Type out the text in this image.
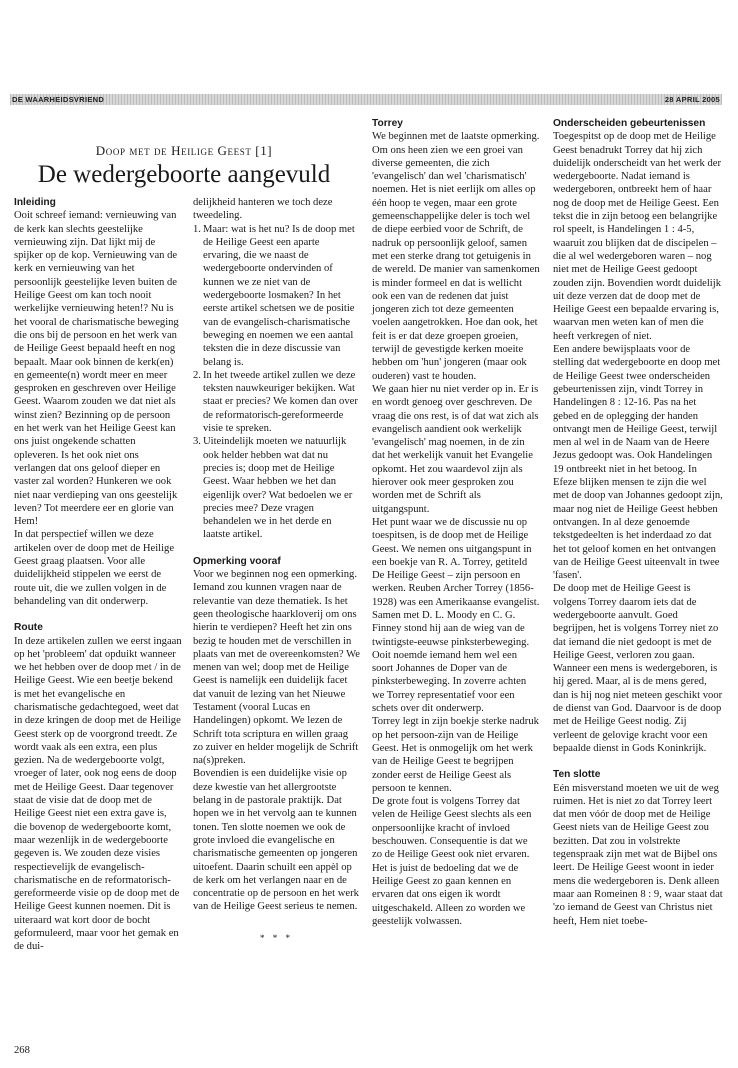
DE WAARHEIDSVRIEND	28 APRIL 2005
Doop met de Heilige Geest [1]
De wedergeboorte aangevuld
Inleiding

Ooit schreef iemand: vernieuwing van de kerk kan slechts geestelijke vernieuwing zijn. Dat lijkt mij de spijker op de kop. Vernieuwing van de kerk en vernieuwing van het persoonlijk geestelijke leven buiten de Heilige Geest om kan toch nooit werkelijke vernieuwing heten!? Nu is het vooral de charismatische beweging die ons bij de persoon en het werk van de Heilige Geest bepaald heeft en nog bepaalt. Maar ook binnen de kerk(en) en gemeente(n) wordt meer en meer gesproken en geschreven over Heilige Geest. Waarom zouden we dat niet als winst zien? Bezinning op de persoon en het werk van het Heilige Geest kan ons juist ongekende schatten opleveren. Is het ook niet ons verlangen dat ons geloof dieper en vaster zal worden? Hunkeren we ook niet naar verdieping van ons geestelijk leven? Tot meerdere eer en glorie van Hem!

In dat perspectief willen we deze artikelen over de doop met de Heilige Geest graag plaatsen. Voor alle duidelijkheid stippelen we eerst de route uit, die we zullen volgen in de behandeling van dit onderwerp.

Route

In deze artikelen zullen we eerst ingaan op het 'probleem' dat opduikt wanneer we het hebben over de doop met / in de Heilige Geest. Wie een beetje bekend is met het evangelische en charismatische gedachtegoed, weet dat in deze kringen de doop met de Heilige Geest sterk op de voorgrond treedt. Ze wordt vaak als een extra, een plus gezien. Na de wedergeboorte volgt, vroeger of later, ook nog eens de doop met de Heilige Geest. Daar tegenover staat de visie dat de doop met de Heilige Geest niet een extra gave is, die bovenop de wedergeboorte komt, maar wezenlijk in de wedergeboorte gegeven is. We zouden deze visies respectievelijk de evangelisch-charismatische en de reformatorisch-gereformeerde visie op de doop met de Heilige Geest kunnen noemen. Dit is uiteraard wat kort door de bocht geformuleerd, maar voor het gemak en de dui-

delijkheid hanteren we toch deze tweedeling.

1. Maar: wat is het nu? Is de doop met de Heilige Geest een aparte ervaring, die we naast de wedergeboorte ondervinden of kunnen we ze niet van de wedergeboorte losmaken? In het eerste artikel schetsen we de positie van de evangelisch-charismatische beweging en noemen we een aantal teksten die in deze discussie van belang is.
2. In het tweede artikel zullen we deze teksten nauwkeuriger bekijken. Wat staat er precies? We komen dan over de reformatorisch-gereformeerde visie te spreken.
3. Uiteindelijk moeten we natuurlijk ook helder hebben wat dat nu precies is; doop met de Heilige Geest. Waar hebben we het dan eigenlijk over? Wat bedoelen we er precies mee? Deze vragen behandelen we in het derde en laatste artikel.
Opmerking vooraf

Voor we beginnen nog een opmerking. Iemand zou kunnen vragen naar de relevantie van deze thematiek. Is het geen theologische haarkloverij om ons hierin te verdiepen? Heeft het zin ons bezig te houden met de verschillen in plaats van met de overeenkomsten? We menen van wel; doop met de Heilige Geest is namelijk een duidelijk facet dat vanuit de lezing van het Nieuwe Testament (vooral Lucas en Handelingen) opkomt. We lezen de Schrift tota scriptura en willen graag zo zuiver en helder mogelijk de Schrift na(s)preken.

Bovendien is een duidelijke visie op deze kwestie van het allergrootste belang in de pastorale praktijk. Dat hopen we in het vervolg aan te kunnen tonen. Ten slotte noemen we ook de grote invloed die evangelische en charismatische gemeenten op jongeren uitoefent. Daarin schuilt een appèl op de kerk om het verlangen naar en de concentratie op de persoon en het werk van de Heilige Geest serieus te nemen.

* * *
Torrey

We beginnen met de laatste opmerking. Om ons heen zien we een groei van diverse gemeenten, die zich 'evangelisch' dan wel 'charismatisch' noemen. Het is niet eerlijk om alles op één hoop te vegen, maar een grote gemeenschappelijke deler is toch wel de diepe eerbied voor de Schrift, de nadruk op persoonlijk geloof, samen met een sterke drang tot getuigenis in de wereld. De manier van samenkomen is minder formeel en dat is wellicht ook een van de redenen dat juist jongeren zich tot deze gemeenten voelen aangetrokken. Hoe dan ook, het feit is er dat deze groepen groeien, terwijl de gevestigde kerken moeite hebben om 'hun' jongeren (maar ook ouderen) vast te houden.

We gaan hier nu niet verder op in. Er is en wordt genoeg over geschreven. De vraag die ons rest, is of dat wat zich als evangelisch aandient ook werkelijk 'evangelisch' mag noemen, in de zin dat het werkelijk vanuit het Evangelie opkomt. Het zou waardevol zijn als hierover ook meer gesproken zou worden met de Schrift als uitgangspunt.

Het punt waar we de discussie nu op toespitsen, is de doop met de Heilige Geest. We nemen ons uitgangspunt in een boekje van R. A. Torrey, getiteld De Heilige Geest – zijn persoon en werken. Reuben Archer Torrey (1856-1928) was een Amerikaanse evangelist. Samen met D. L. Moody en C. G. Finney stond hij aan de wieg van de twintigste-eeuwse pinksterbeweging. Ooit noemde iemand hem wel een soort Johannes de Doper van de pinksterbeweging. In zoverre achten we Torrey representatief voor een schets over dit onderwerp.

Torrey legt in zijn boekje sterke nadruk op het persoon-zijn van de Heilige Geest. Het is onmogelijk om het werk van de Heilige Geest te begrijpen zonder eerst de Heilige Geest als persoon te kennen.

De grote fout is volgens Torrey dat velen de Heilige Geest slechts als een onpersoonlijke kracht of invloed beschouwen. Consequentie is dat we zo de Heilige Geest ook niet ervaren. Het is juist de bedoeling dat we de Heilige Geest zo gaan kennen en ervaren dat ons eigen ik wordt uitgeschakeld. Alleen zo worden we geestelijk volwassen.

Onderscheiden gebeurtenissen

Toegespitst op de doop met de Heilige Geest benadrukt Torrey dat hij zich duidelijk onderscheidt van het werk der wedergeboorte. Nadat iemand is wedergeboren, ontbreekt hem of haar nog de doop met de Heilige Geest. Een tekst die in zijn betoog een belangrijke rol speelt, is Handelingen 1 : 4-5, waaruit zou blijken dat de discipelen – die al wel wedergeboren waren – nog niet met de Heilige Geest gedoopt zouden zijn. Bovendien wordt duidelijk uit deze verzen dat de doop met de Heilige Geest een bepaalde ervaring is, waarvan men weten kan of men die heeft verkregen of niet.

Een andere bewijsplaats voor de stelling dat wedergeboorte en doop met de Heilige Geest twee onderscheiden gebeurtenissen zijn, vindt Torrey in Handelingen 8 : 12-16. Pas na het gebed en de oplegging der handen ontvangt men de Heilige Geest, terwijl men al wel in de Naam van de Heere Jezus gedoopt was. Ook Handelingen 19 ontbreekt niet in het betoog. In Efeze blijken mensen te zijn die wel met de doop van Johannes gedoopt zijn, maar nog niet de Heilige Geest hebben ontvangen. In al deze genoemde tekstgedeelten is het inderdaad zo dat het tot geloof komen en het ontvangen van de Heilige Geest uiteenvalt in twee 'fasen'.

De doop met de Heilige Geest is volgens Torrey daarom iets dat de wedergeboorte aanvult. Goed begrijpen, het is volgens Torrey niet zo dat iemand die niet gedoopt is met de Heilige Geest, verloren zou gaan. Wanneer een mens is wedergeboren, is hij gered. Maar, al is de mens gered, dan is hij nog niet meteen geschikt voor de dienst van God. Daarvoor is de doop met de Heilige Geest nodig. Zij verleent de gelovige kracht voor een bepaalde dienst in Gods Koninkrijk.

Ten slotte

Eén misverstand moeten we uit de weg ruimen. Het is niet zo dat Torrey leert dat men vóór de doop met de Heilige Geest niets van de Heilige Geest zou bezitten. Dat zou in volstrekte tegenspraak zijn met wat de Bijbel ons leert. De Heilige Geest woont in ieder mens die wedergeboren is. Denk alleen maar aan Romeinen 8 : 9, waar staat dat 'zo iemand de Geest van Christus niet heeft, Hem niet toebe-

268
